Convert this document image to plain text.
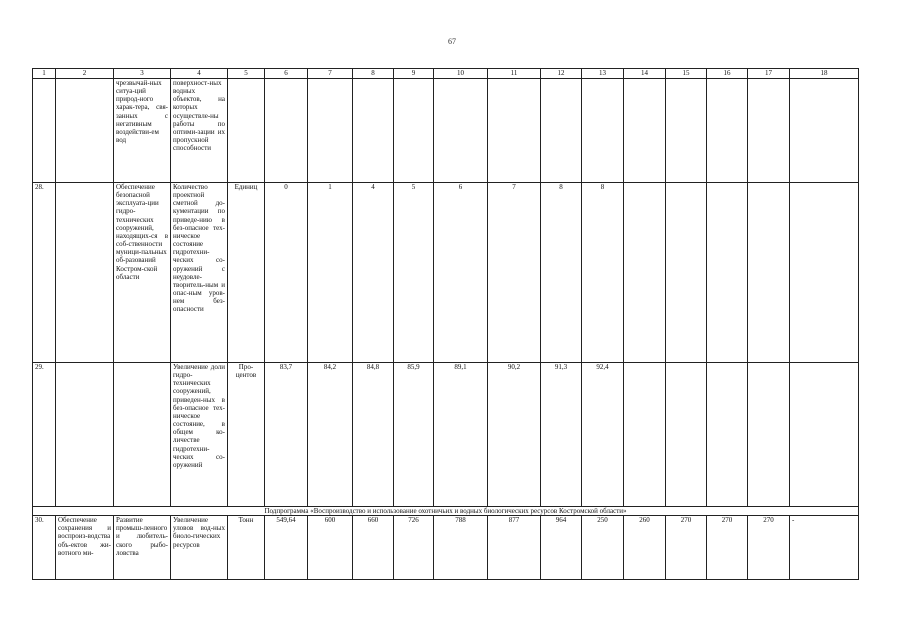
67
1	2	3	4	5	6	7	8	9	10	11	12	13	14	15	16	17	18
		чрезвычай-ных ситуа-ций природ-ного харак-тера, свя-занных с негативным воздействи-ем вод	поверхност-ных водных объектов, на которых осуществле-ны работы по оптими-зации их пропускной способности														
28.		Обеспечение безопасной эксплуата-ции гидро-технических сооружений, находящих-ся в соб-ственности муници-пальных об-разований Костром-ской области	Количество проектной сметной до-кументации по приведе-нию в без-опасное тех-ническое состояние гидротехни-ческих со-оружений с неудовле-творитель-ным и опас-ным уров-нем без-опасности	Единиц	0	1	4	5	6	7	8	8					
29.			Увеличение доли гидро-технических сооружений, приведен-ных в без-опасное тех-ническое состояние, в общем ко-личестве гидротехни-ческих со-оружений	Про-центов	83,7	84,2	84,8	85,9	89,1	90,2	91,3	92,4					
Подпрограмма «Воспроизводство и использование охотничьих и водных биологических ресурсов Костромской области»																	
30.	Обеспечение сохранения и воспроиз-водства объ-ектов жи-вотного ми-	Развитие промыш-ленного и любитель-ского рыбо-ловства	Увеличение уловов вод-ных биоло-гических ресурсов	Тонн	549,64	600	660	726	788	877	964	250	260	270	270	270	-
